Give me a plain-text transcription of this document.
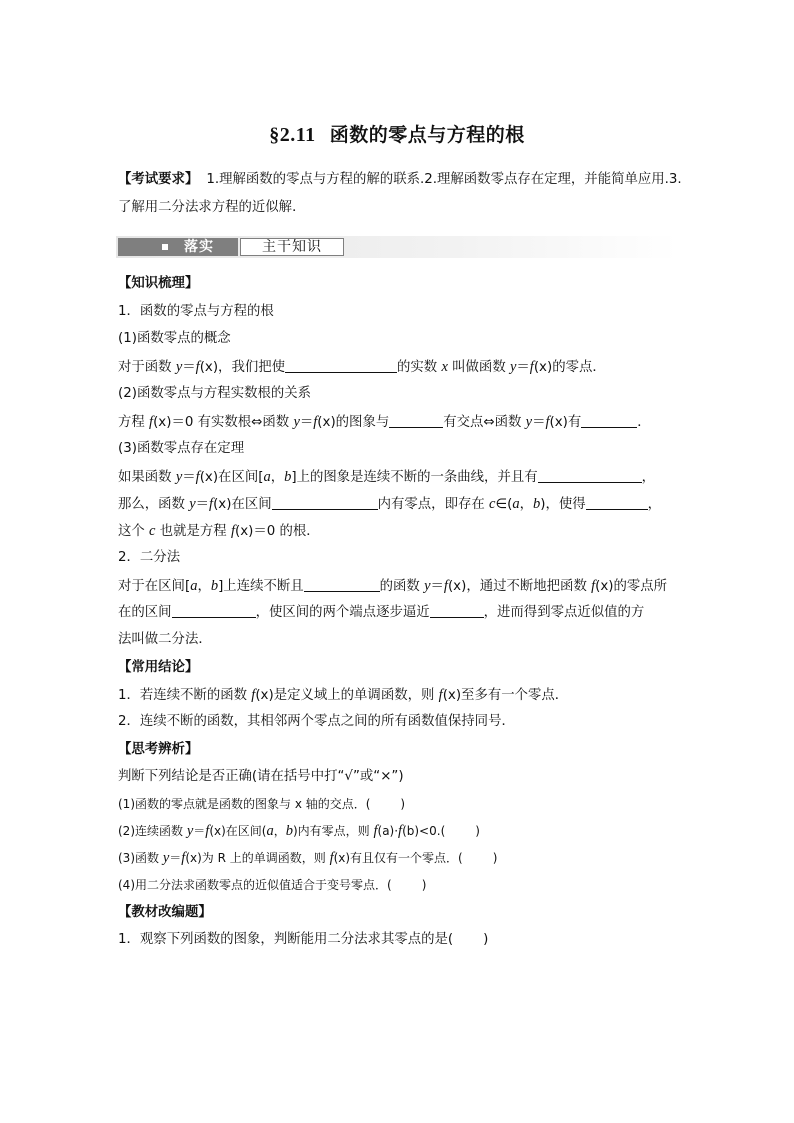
§2.11 函数的零点与方程的根
【考试要求】 1.理解函数的零点与方程的解的联系.2.理解函数零点存在定理，并能简单应用.3.
了解用二分法求方程的近似解．
落实	主干知识
【知识梳理】
1．函数的零点与方程的根
(1)函数零点的概念
对于函数 y＝f(x)，我们把使	的实数 x 叫做函数 y＝f(x)的零点．
(2)函数零点与方程实数根的关系
方程 f(x)＝0 有实数根⇔函数 y＝f(x)的图象与	有交点⇔函数 y＝f(x)有	．
(3)函数零点存在定理
如果函数 y＝f(x)在区间[a，b]上的图象是连续不断的一条曲线，并且有	，
那么，函数 y＝f(x)在区间	内有零点，即存在 c∈(a，b)，使得	，
这个 c 也就是方程 f(x)＝0 的根．
2．二分法
对于在区间[a，b]上连续不断且	的函数 y＝f(x)，通过不断地把函数 f(x)的零点所
在的区间	，使区间的两个端点逐步逼近	，进而得到零点近似值的方
法叫做二分法．
【常用结论】
1．若连续不断的函数 f(x)是定义域上的单调函数，则 f(x)至多有一个零点．
2．连续不断的函数，其相邻两个零点之间的所有函数值保持同号．
【思考辨析】
判断下列结论是否正确(请在括号中打“√”或“×”)
(1)函数的零点就是函数的图象与 x 轴的交点．(	)
(2)连续函数 y＝f(x)在区间(a，b)内有零点，则 f(a)·f(b)<0.(	)
(3)函数 y＝f(x)为 R 上的单调函数，则 f(x)有且仅有一个零点．(	)
(4)用二分法求函数零点的近似值适合于变号零点．(	)
【教材改编题】
1．观察下列函数的图象，判断能用二分法求其零点的是( )
